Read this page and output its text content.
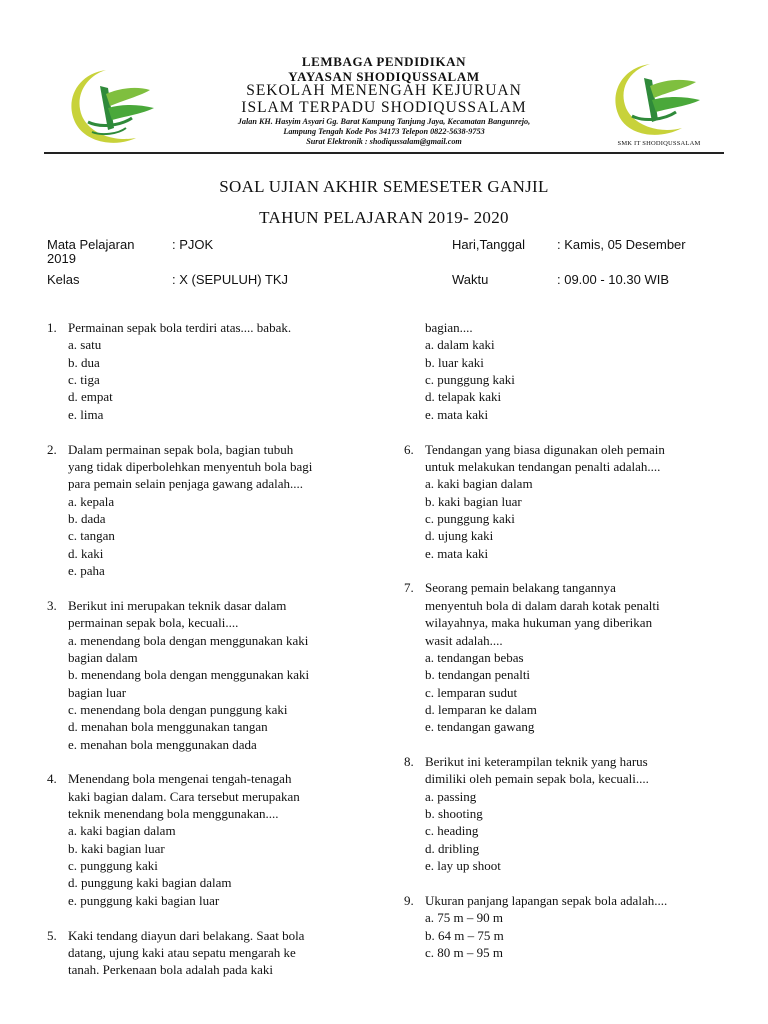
SMK IT SHODIQUSSALAM
LEMBAGA PENDIDIKAN
YAYASAN SHODIQUSSALAM
SEKOLAH MENENGAH KEJURUAN
ISLAM TERPADU SHODIQUSSALAM
Jalan KH. Hasyim Asyari Gg. Barat Kampung Tanjung Jaya, Kecamatan Bangunrejo,
Lampung Tengah Kode Pos 34173 Telepon 0822-5638-9753
Surat Elektronik : shodiqussalam@gmail.com
SOAL UJIAN AKHIR SEMESETER GANJIL
TAHUN PELAJARAN 2019- 2020
Mata Pelajaran	: PJOK	Hari,Tanggal : Kamis, 05 Desember
2019
Kelas	: X (SEPULUH) TKJ	Waktu	: 09.00 - 10.30 WIB
1. Permainan sepak bola terdiri atas.... babak.
a. satu
b. dua
c. tiga
d. empat
e. lima
2. Dalam permainan sepak bola, bagian tubuh
yang tidak diperbolehkan menyentuh bola bagi
para pemain selain penjaga gawang adalah....
a. kepala
b. dada
c. tangan
d. kaki
e. paha
3. Berikut ini merupakan teknik dasar dalam
permainan sepak bola, kecuali....
a. menendang bola dengan menggunakan kaki
bagian dalam
b. menendang bola dengan menggunakan kaki
bagian luar
c. menendang bola dengan punggung kaki
d. menahan bola menggunakan tangan
e. menahan bola menggunakan dada
4. Menendang bola mengenai tengah-tenagah
kaki bagian dalam. Cara tersebut merupakan
teknik menendang bola menggunakan....
a. kaki bagian dalam
b. kaki bagian luar
c. punggung kaki
d. punggung kaki bagian dalam
e. punggung kaki bagian luar
5. Kaki tendang diayun dari belakang. Saat bola
datang, ujung kaki atau sepatu mengarah ke
tanah. Perkenaan bola adalah pada kaki
bagian....
a. dalam kaki
b. luar kaki
c. punggung kaki
d. telapak kaki
e. mata kaki
6. Tendangan yang biasa digunakan oleh pemain
untuk melakukan tendangan penalti adalah....
a. kaki bagian dalam
b. kaki bagian luar
c. punggung kaki
d. ujung kaki
e. mata kaki
7. Seorang pemain belakang tangannya
menyentuh bola di dalam darah kotak penalti
wilayahnya, maka hukuman yang diberikan
wasit adalah....
a. tendangan bebas
b. tendangan penalti
c. lemparan sudut
d. lemparan ke dalam
e. tendangan gawang
8. Berikut ini keterampilan teknik yang harus
dimiliki oleh pemain sepak bola, kecuali....
a. passing
b. shooting
c. heading
d. dribling
e. lay up shoot
9. Ukuran panjang lapangan sepak bola adalah....
a. 75 m – 90 m
b. 64 m – 75 m
c. 80 m – 95 m
